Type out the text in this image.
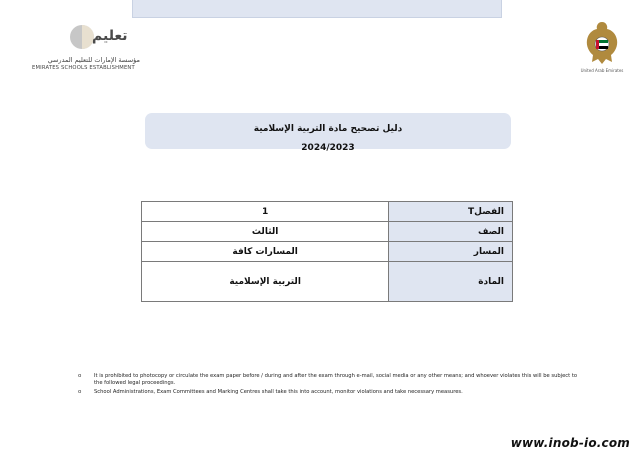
تعليم
مؤسسة الإمارات للتعليم المدرسي
EMIRATES SCHOOLS ESTABLISHMENT	United Arab Emirates
دليل تصحيح مادة التربية الإسلامية
2024/2023
1	الفصلT
الثالث	الصف
المسارات كافة	المسار
التربية الإسلامية	المادة
o It is prohibited to photocopy or circulate the exam paper before / during and after the exam through e-mail, social media or any other means; and whoever violates this will be subject to the followed legal proceedings.
o School Administrations, Exam Committees and Marking Centres shall take this into account, monitor violations and take necessary measures.
www.inob-io.com
